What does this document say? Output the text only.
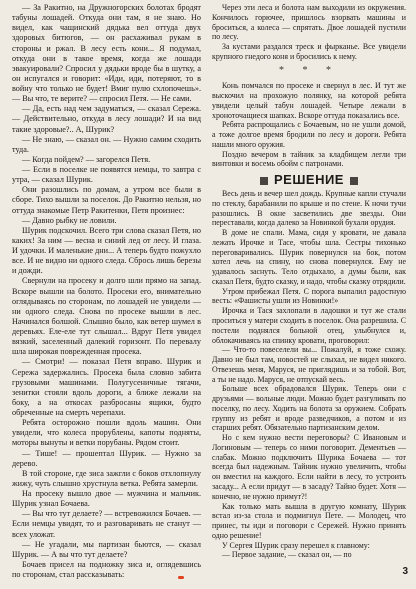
— За Ракитно, на Дружногорских болотах бродят табуны лошадей. Откуда они там, я не знаю. Но видел, как чащинский дядька вел оттуда двух здоровых битюгов, — он расхаживал рукам в стороны и ржал. В лесу есть кони... Я подумал, откуда они в такое время, когда же лошади эвакуировали? Спросил у дядьки вроде бы в шутку, а он испугался и говорит: «Иди, иди, потеряют, то в войну что только не будет! Вмиг пулю схлопочешь». — Вы что, те верите? — спросил Петя. — Не сами.

— Да, есть над чем задуматься, — сказал Сережа. — Действительно, откуда в лесу лошади? И на вид такие здоровые?.. А, Шурик?

— Не знаю, — сказал он. — Нужно самим сходить туда.

— Когда пойдем? — загорелся Петя.

— Если в поселке не появятся немцы, то завтра с утра, — сказал Шурик.

Они разошлись по домам, а утром все были в сборе. Тихо вышли за поселок. До Ракитно нельзя, но оттуда знакомые Петр Ракитенки, Петя произнес:

— Давно рыбку не ловили.

Шурик подскочил. Всего три слова сказал Петя, но каких! За ним — весна и синий лед от лесу. И глаза. И удочки. И маленькие дни... А теперь будто пожухло все. И не видно ни одного следа. Сбрось лишь березы и дожди.

Свернули на просеку и долго шли прямо на запад. Вскоре вышли на болото. Просеки его, внимательно оглядываясь по сторонам, по лошадей не увидели — ни одного следа. Снова по просеке вышли в лес. Начинался болшой. Слышно было, как ветер шумел в деревьях. Еле-еле тут слышал... Вдруг Петя увидел вязкий, заселенный далекий горизонт. По перевалу шла широкая поврежденная просека.

— Смотри! — показал Петя вправо. Шурик и Сережа задержались. Просека была словно забита грузовыми машинами. Полугусеничные тягачи, зенитки стояли вдоль дороги, а ближе лежали на боку, а на откосах разбросаны ящики, будто обреченные на смерть черепахи.

Ребята осторожно пошли вдоль машин. Они увидели, что колеса прорублены, капоты подняты, моторы вынуты и ветки порубаны. Рядом стоит.

— Тише! — прошептал Шурик. — Нужно за дерево.

В той стороне, где зиса зажгли с боков отхлопнулу жижу, чуть слышно хрустнула ветка. Ребята замерли.

На просеку вышло двое — мужчина и мальчик. Шурик узнал Бочаева.

— Вы что тут делаете? — встревожился Бочаев. — Если немцы увидят, то и разговаривать не станут — всех уложат.

— Не угадали, мы партизан бьются, — сказал Шурик. — А вы что тут делаете?

Бочаев присел на подножку зиса и, оглядевшись по сторонам, стал рассказывать:

Через эти леса и болота нам выходили из окружения. Кончилось горючее, пришлось взорвать машины и броситься, а колеса — спрятать. Двое лошадей пустили по лесу.

За кустами раздался треск и фырканье. Все увидели крупного гнедого коня и бросились к нему.

* * *

Конь помчался по просеке и свернул в лес. И тут же выскочил на прохожую полянку, на которой ребята увидели целый табун лошадей. Четыре лежали в хроноточащиеся шапках. Вскоре оттуда показались все.

Ребята распрощались с Бочаевым, но не ушли домой, а тоже долгое время бродили по лесу и дороги. Ребята нашли много оружия.

Поздно вечером в тайник за кладбищем легли три винтовки и восемь обойм с патронами.

РЕШЕНИЕ

Весь день и вечер шел дождь. Крупные капли стучали по стеклу, барабанили по крыше и по стене. К ночи тучи разошлись. В окне засветились две звезды. Они переставали, когда далеко за Новинкой бухали орудия.

В доме не спали. Мама, сидя у кровати, не давала лежать Ирочке и Тасе, чтобы шла. Сестры тихонько переговаривались. Шурик повернулся на бок, потом хотел лечь на спину, но снова повернулся. Ему не удавалось заснуть. Тело отдыхало, а думы были, как сказал Петя, будто сказку, и надо, чтобы сказку отрядили.

Утром прибежал Петя. С порога выпалил радостную весть: «Фашисты ушли из Новинки!»

Ирочка и Тася захлопали в ладошки и тут же стали проситься у матери сходить в поселок. Она разрешила. С постели поднялся больной отец, улыбнулся и, облокачиваясь на спинку кровати, проговорил:

— Что-то повеселели вы... Пожалуй, я тоже схожу. Давно не был там, новостей не слыхал, не видел никого. Отвезешь меня, Маруся, не приглядишь и за тобой. Вот, а ты не надо. Маруся, не отпускай весь.

Больше всех обрадовался Шурик. Теперь они с друзьями — вольные люди. Можно будет разгуливать по поселку, по лесу. Ходить на болота за оружием. Собрать группу из ребят и вроде разведчиков, а потом и из старших ребят. Обязательно партизанским делом.

Но с кем нужно вести переговоры? С Ивановым и Логиновым — теперь со ними поговорит. Дементьев — слабак. Можно подключить Шурика Бочаева — тот всегда был надежным. Тайник нужно увеличить, чтобы он вместил на каждого. Если найти в лесу, то устроить засаду... А если придут — в засаду? Тайно будет. Хотя — конечно, не нужно примут?!

Как только мать вышла в другую комнату, Шурик встал из-за стола и подмигнул Пете. — Молодец, что принес, ты иди и поговори с Сережей. Нужно принять одно решение!

У Сергея Шурик сразу перешел к главному:

— Первое задание, — сказал он, — по

3
